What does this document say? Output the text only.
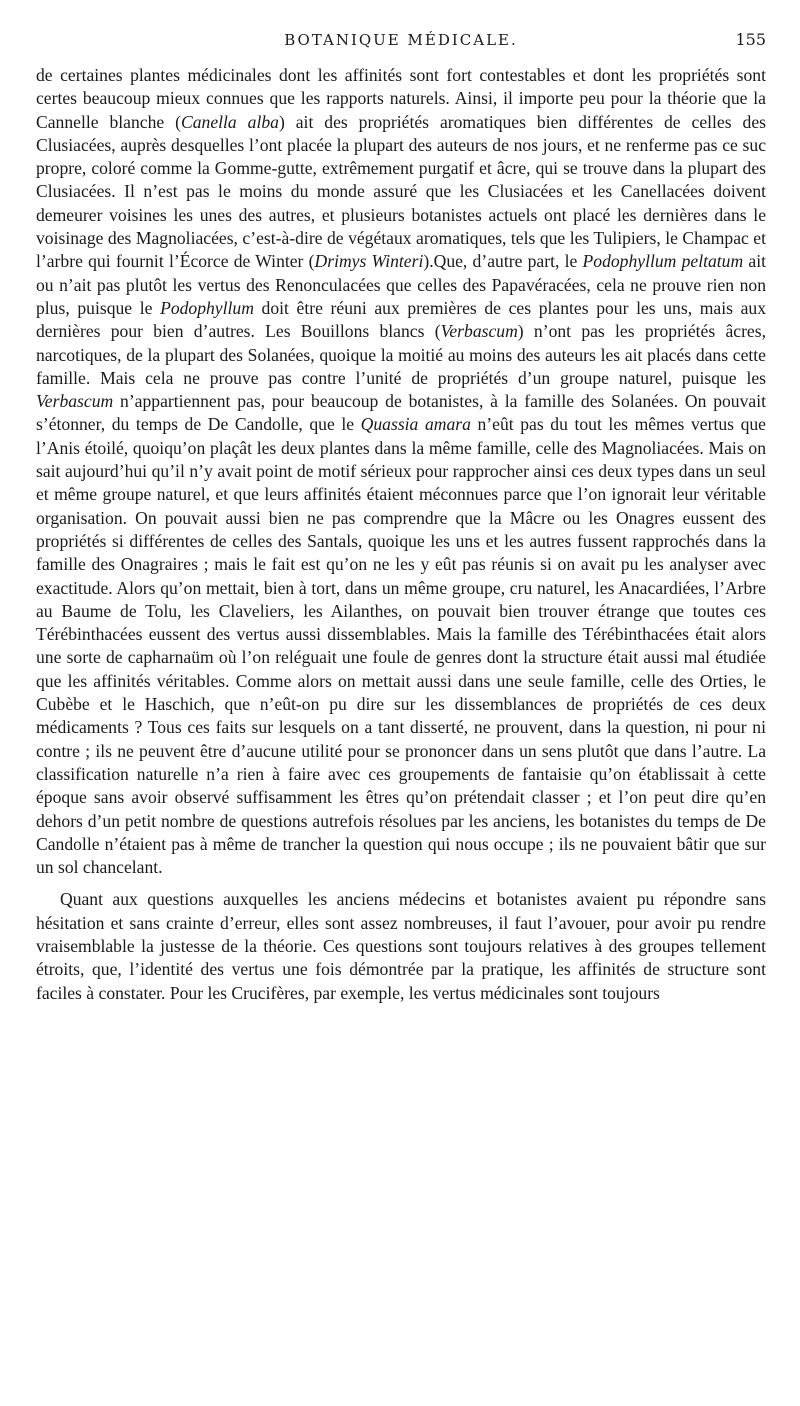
BOTANIQUE MÉDICALE.	155

de certaines plantes médicinales dont les affinités sont fort contestables et dont les propriétés sont certes beaucoup mieux connues que les rapports naturels. Ainsi, il importe peu pour la théorie que la Cannelle blanche (Canella alba) ait des propriétés aromatiques bien différentes de celles des Clusiacées, auprès desquelles l’ont placée la plupart des auteurs de nos jours, et ne renferme pas ce suc propre, coloré comme la Gomme-gutte, extrêmement purgatif et âcre, qui se trouve dans la plupart des Clusiacées. Il n’est pas le moins du monde assuré que les Clusiacées et les Canellacées doivent demeurer voisines les unes des autres, et plusieurs botanistes actuels ont placé les dernières dans le voisinage des Magnoliacées, c’est-à-dire de végétaux aromatiques, tels que les Tulipiers, le Champac et l’arbre qui fournit l’Écorce de Winter (Drimys Winteri).Que, d’autre part, le Podophyllum peltatum ait ou n’ait pas plutôt les vertus des Renonculacées que celles des Papavéracées, cela ne prouve rien non plus, puisque le Podophyllum doit être réuni aux premières de ces plantes pour les uns, mais aux dernières pour bien d’autres. Les Bouillons blancs (Verbascum) n’ont pas les propriétés âcres, narcotiques, de la plupart des Solanées, quoique la moitié au moins des auteurs les ait placés dans cette famille. Mais cela ne prouve pas contre l’unité de propriétés d’un groupe naturel, puisque les Verbascum n’appartiennent pas, pour beaucoup de botanistes, à la famille des Solanées. On pouvait s’étonner, du temps de De Candolle, que le Quassia amara n’eût pas du tout les mêmes vertus que l’Anis étoilé, quoiqu’on plaçât les deux plantes dans la même famille, celle des Magnoliacées. Mais on sait aujourd’hui qu’il n’y avait point de motif sérieux pour rapprocher ainsi ces deux types dans un seul et même groupe naturel, et que leurs affinités étaient méconnues parce que l’on ignorait leur véritable organisation. On pouvait aussi bien ne pas comprendre que la Mâcre ou les Onagres eussent des propriétés si différentes de celles des Santals, quoique les uns et les autres fussent rapprochés dans la famille des Onagraires ; mais le fait est qu’on ne les y eût pas réunis si on avait pu les analyser avec exactitude. Alors qu’on mettait, bien à tort, dans un même groupe, cru naturel, les Anacardiées, l’Arbre au Baume de Tolu, les Claveliers, les Ailanthes, on pouvait bien trouver étrange que toutes ces Térébinthacées eussent des vertus aussi dissemblables. Mais la famille des Térébinthacées était alors une sorte de capharnaüm où l’on reléguait une foule de genres dont la structure était aussi mal étudiée que les affinités véritables. Comme alors on mettait aussi dans une seule famille, celle des Orties, le Cubèbe et le Haschich, que n’eût-on pu dire sur les dissemblances de propriétés de ces deux médicaments ? Tous ces faits sur lesquels on a tant disserté, ne prouvent, dans la question, ni pour ni contre ; ils ne peuvent être d’aucune utilité pour se prononcer dans un sens plutôt que dans l’autre. La classification naturelle n’a rien à faire avec ces groupements de fantaisie qu’on établissait à cette époque sans avoir observé suffisamment les êtres qu’on prétendait classer ; et l’on peut dire qu’en dehors d’un petit nombre de questions autrefois résolues par les anciens, les botanistes du temps de De Candolle n’étaient pas à même de trancher la question qui nous occupe ; ils ne pouvaient bâtir que sur un sol chancelant.

Quant aux questions auxquelles les anciens médecins et botanistes avaient pu répondre sans hésitation et sans crainte d’erreur, elles sont assez nombreuses, il faut l’avouer, pour avoir pu rendre vraisemblable la justesse de la théorie. Ces questions sont toujours relatives à des groupes tellement étroits, que, l’identité des vertus une fois démontrée par la pratique, les affinités de structure sont faciles à constater. Pour les Crucifères, par exemple, les vertus médicinales sont toujours
